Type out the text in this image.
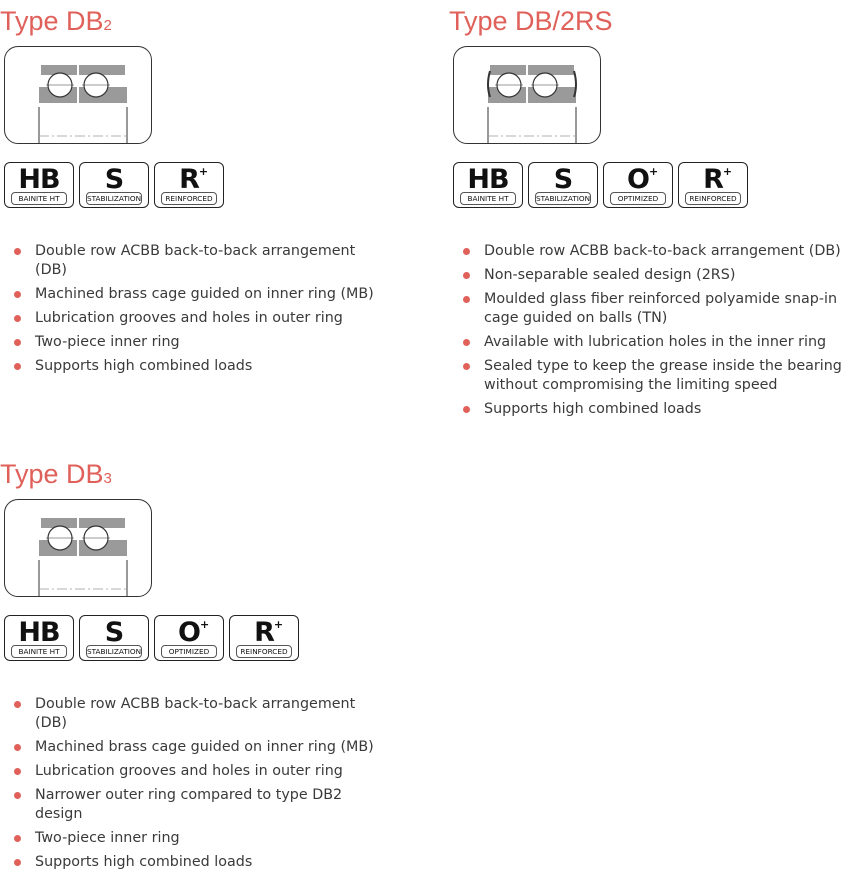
Type DB2
HB
BAINITE HT
S
STABILIZATION
R +
REINFORCED
Double row ACBB back-to-back arrangement (DB)
Machined brass cage guided on inner ring (MB)
Lubrication grooves and holes in outer ring
Two-piece inner ring
Supports high combined loads
Type DB/2RS
HB
BAINITE HT
S
STABILIZATION
O +
OPTIMIZED
R +
REINFORCED
Double row ACBB back-to-back arrangement (DB)
Non-separable sealed design (2RS)
Moulded glass fiber reinforced polyamide snap-in cage guided on balls (TN)
Available with lubrication holes in the inner ring
Sealed type to keep the grease inside the bearing without compromising the limiting speed
Supports high combined loads
Type DB3
HB
BAINITE HT
S
STABILIZATION
O +
OPTIMIZED
R +
REINFORCED
Double row ACBB back-to-back arrangement (DB)
Machined brass cage guided on inner ring (MB)
Lubrication grooves and holes in outer ring
Narrower outer ring compared to type DB2 design
Two-piece inner ring
Supports high combined loads
